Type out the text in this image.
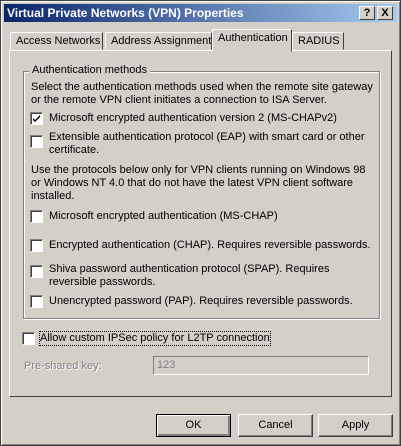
Virtual Private Networks (VPN) Properties	? X
Access Networks Address Assignment Authentication RADIUS
Authentication methods
Select the authentication methods used when the remote site gateway or the remote VPN client initiates a connection to ISA Server.
Microsoft encrypted authentication version 2 (MS-CHAPv2)
Extensible authentication protocol (EAP) with smart card or other certificate.
Use the protocols below only for VPN clients running on Windows 98 or Windows NT 4.0 that do not have the latest VPN client software installed.
Microsoft encrypted authentication (MS-CHAP)
Encrypted authentication (CHAP). Requires reversible passwords.
Shiva password authentication protocol (SPAP). Requires reversible passwords.
Unencrypted password (PAP). Requires reversible passwords.
Allow custom IPSec policy for L2TP connection
Pre-shared key:	123
OK	Cancel	Apply
